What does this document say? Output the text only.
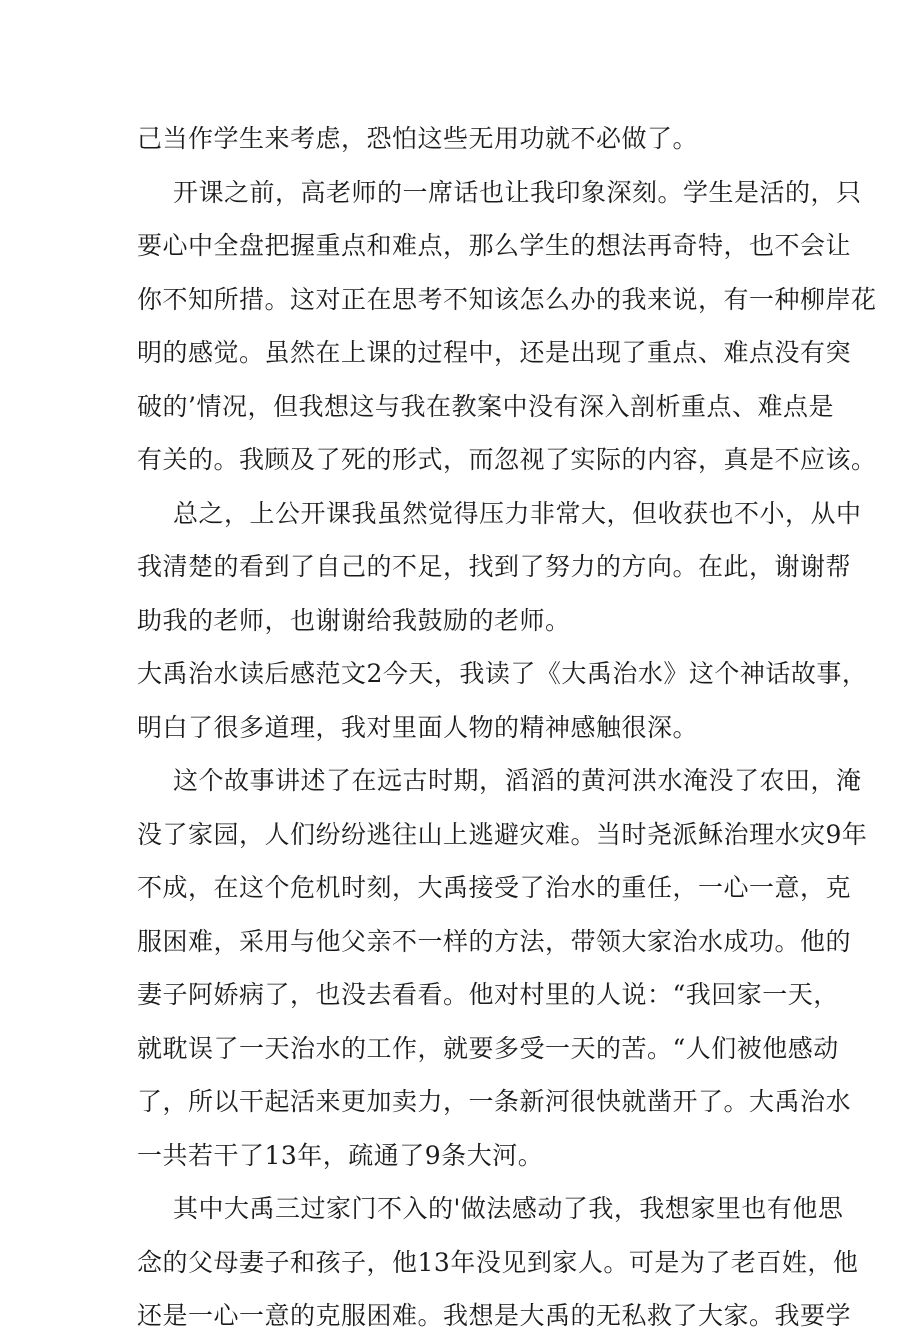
己当作学生来考虑，恐怕这些无用功就不必做了。
开课之前，高老师的一席话也让我印象深刻。学生是活的，只
要心中全盘把握重点和难点，那么学生的想法再奇特，也不会让
你不知所措。这对正在思考不知该怎么办的我来说，有一种柳岸花
明的感觉。虽然在上课的过程中，还是出现了重点、难点没有突
破的’情况，但我想这与我在教案中没有深入剖析重点、难点是
有关的。我顾及了死的形式，而忽视了实际的内容，真是不应该。
总之，上公开课我虽然觉得压力非常大，但收获也不小，从中
我清楚的看到了自己的不足，找到了努力的方向。在此，谢谢帮
助我的老师，也谢谢给我鼓励的老师。
大禹治水读后感范文2今天，我读了《大禹治水》这个神话故事，
明白了很多道理，我对里面人物的精神感触很深。
这个故事讲述了在远古时期，滔滔的黄河洪水淹没了农田，淹
没了家园，人们纷纷逃往山上逃避灾难。当时尧派稣治理水灾9年
不成，在这个危机时刻，大禹接受了治水的重任，一心一意，克
服困难，采用与他父亲不一样的方法，带领大家治水成功。他的
妻子阿娇病了，也没去看看。他对村里的人说：“我回家一天，
就耽误了一天治水的工作，就要多受一天的苦。“人们被他感动
了，所以干起活来更加卖力，一条新河很快就凿开了。大禹治水
一共若干了13年，疏通了9条大河。
其中大禹三过家门不入的'做法感动了我，我想家里也有他思
念的父母妻子和孩子，他13年没见到家人。可是为了老百姓，他
还是一心一意的克服困难。我想是大禹的无私救了大家。我要学
